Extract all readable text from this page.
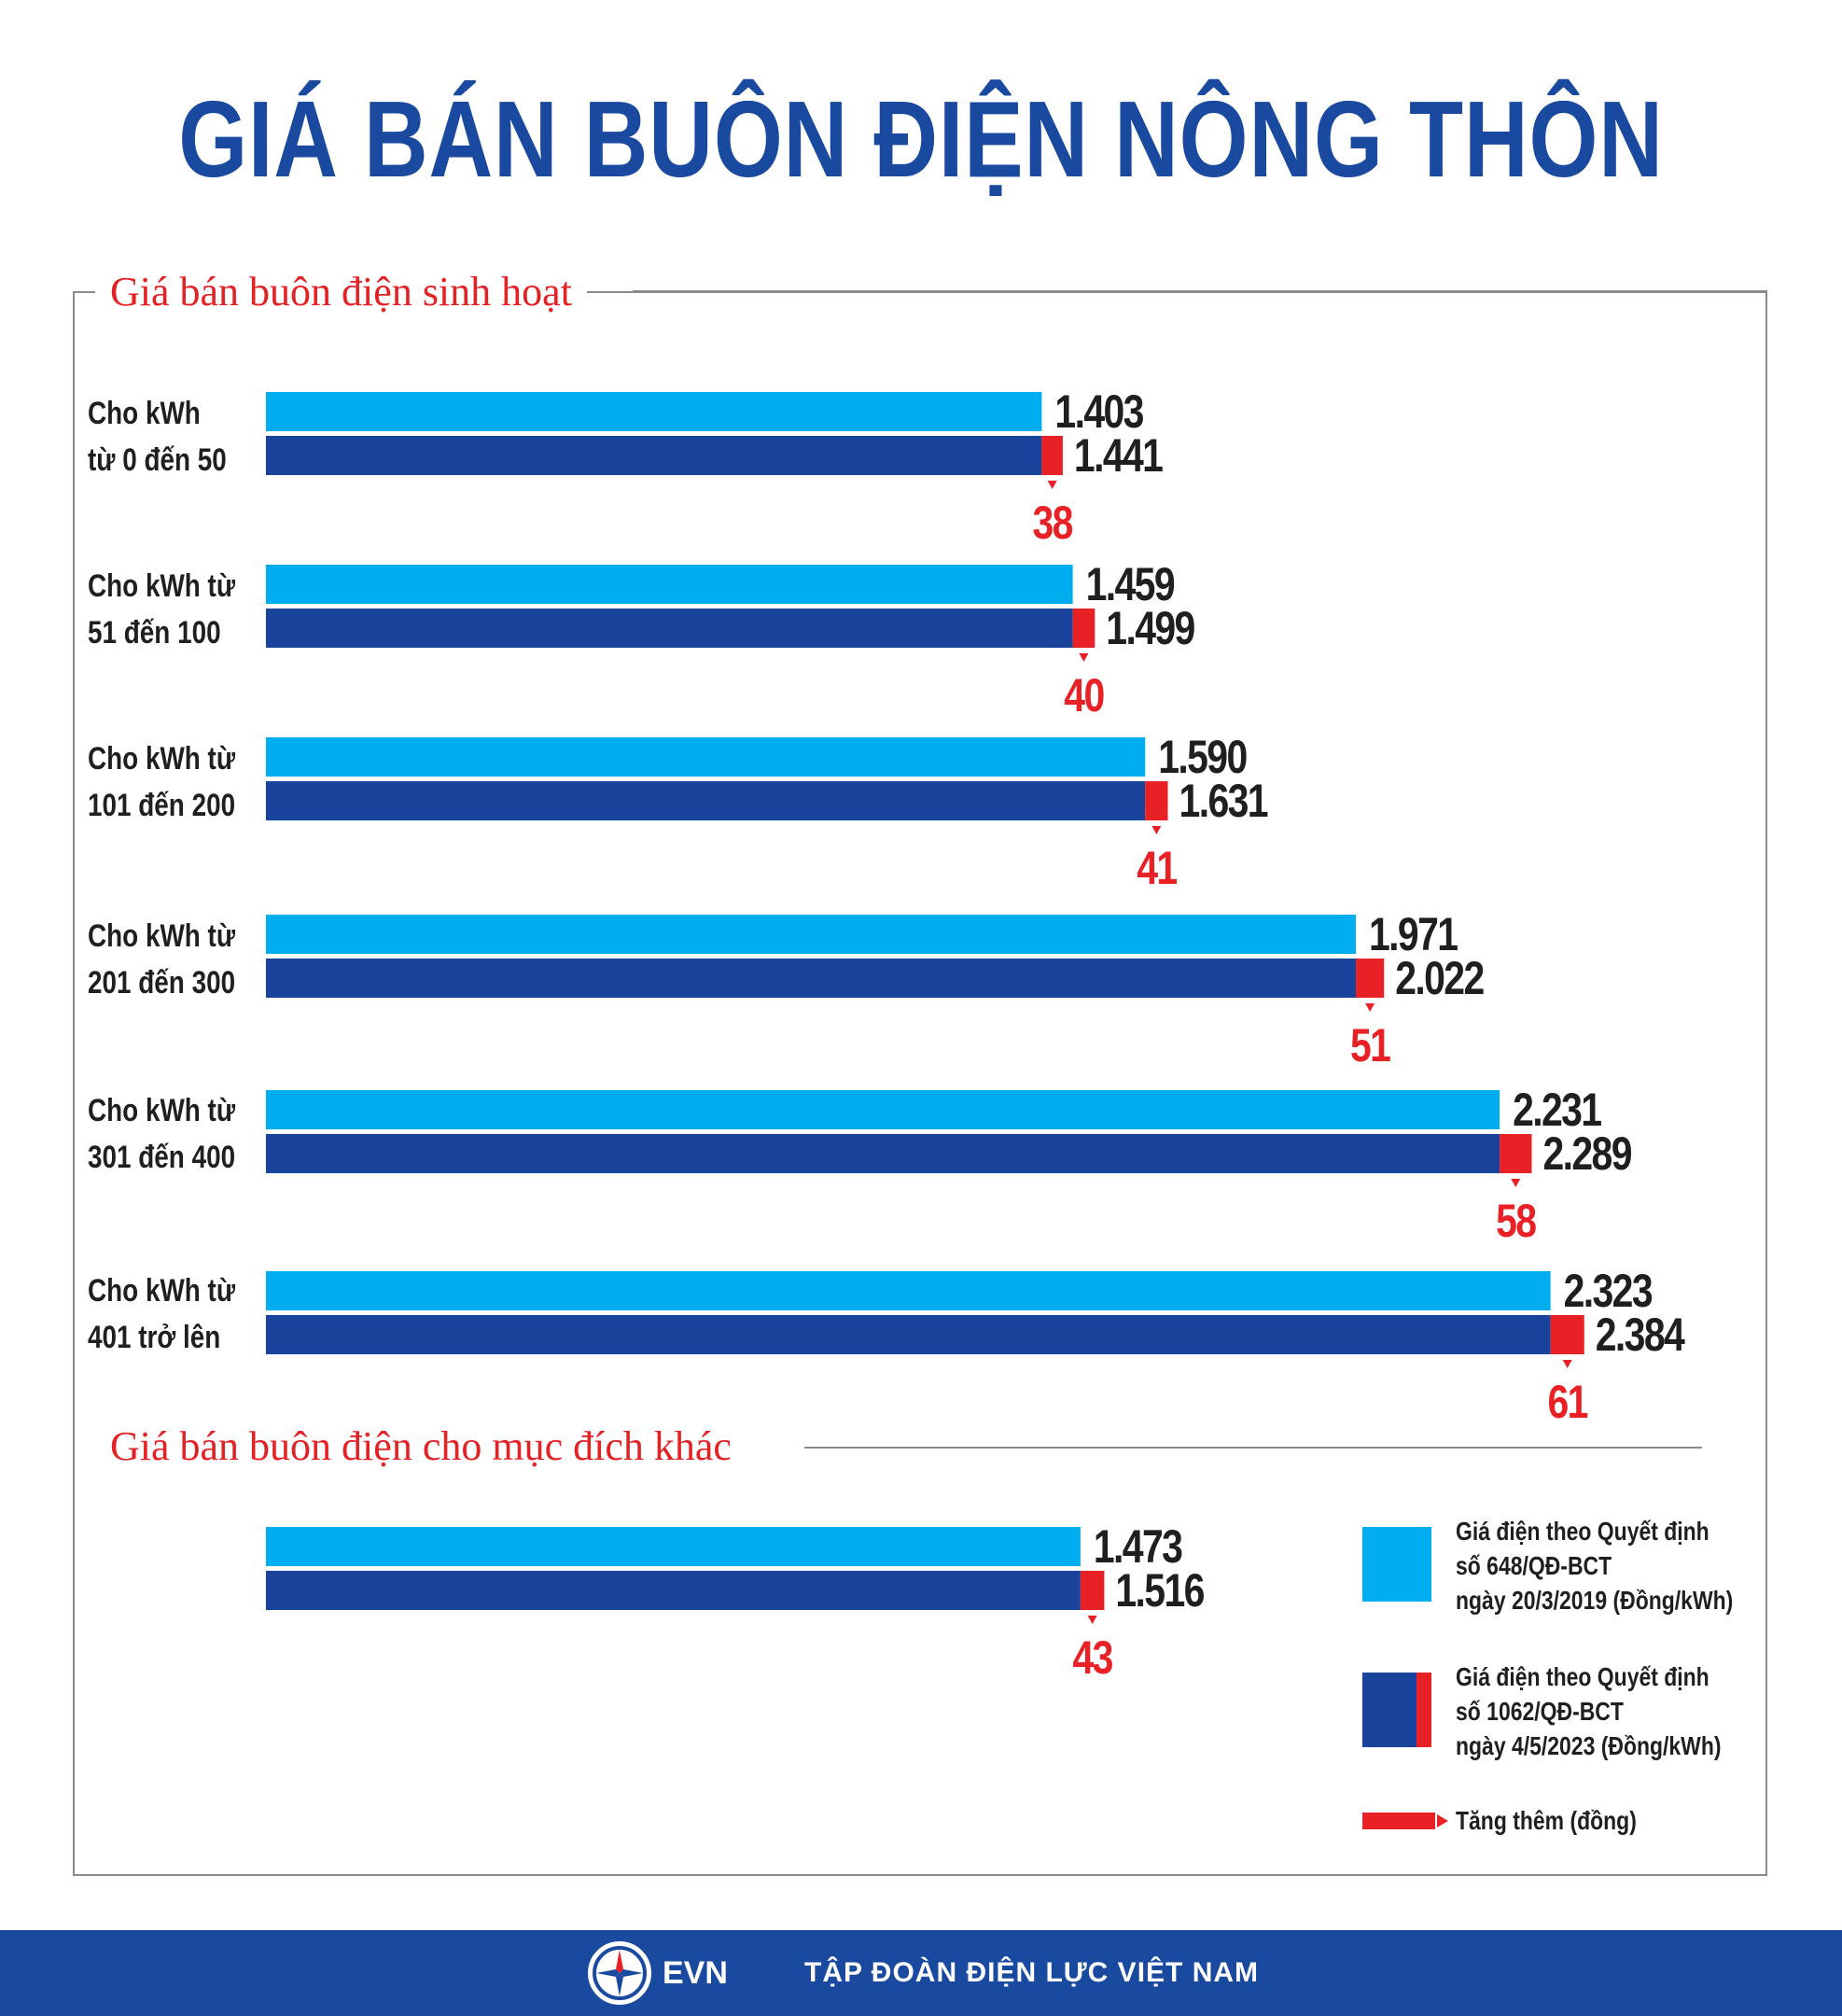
GIÁ BÁN BUÔN ĐIỆN NÔNG THÔN
Giá bán buôn điện sinh hoạt
Giá bán buôn điện cho mục đích khác
Cho kWh
từ 0 đến 50
Cho kWh từ
51 đến 100
Cho kWh từ
101 đến 200
Cho kWh từ
201 đến 300
Cho kWh từ
301 đến 400
Cho kWh từ
401 trở lên
1.403
1.441
38
1.459
1.499
40
1.590
1.631
41
1.971
2.022
51
2.231
2.289
58
2.323
2.384
61
1.473
1.516
43
Giá điện theo Quyết định
số 648/QĐ-BCT
ngày 20/3/2019 (Đồng/kWh)
Giá điện theo Quyết định
số 1062/QĐ-BCT
ngày 4/5/2023 (Đồng/kWh)
Tăng thêm (đồng)
EVN	TẬP ĐOÀN ĐIỆN LỰC VIỆT NAM
